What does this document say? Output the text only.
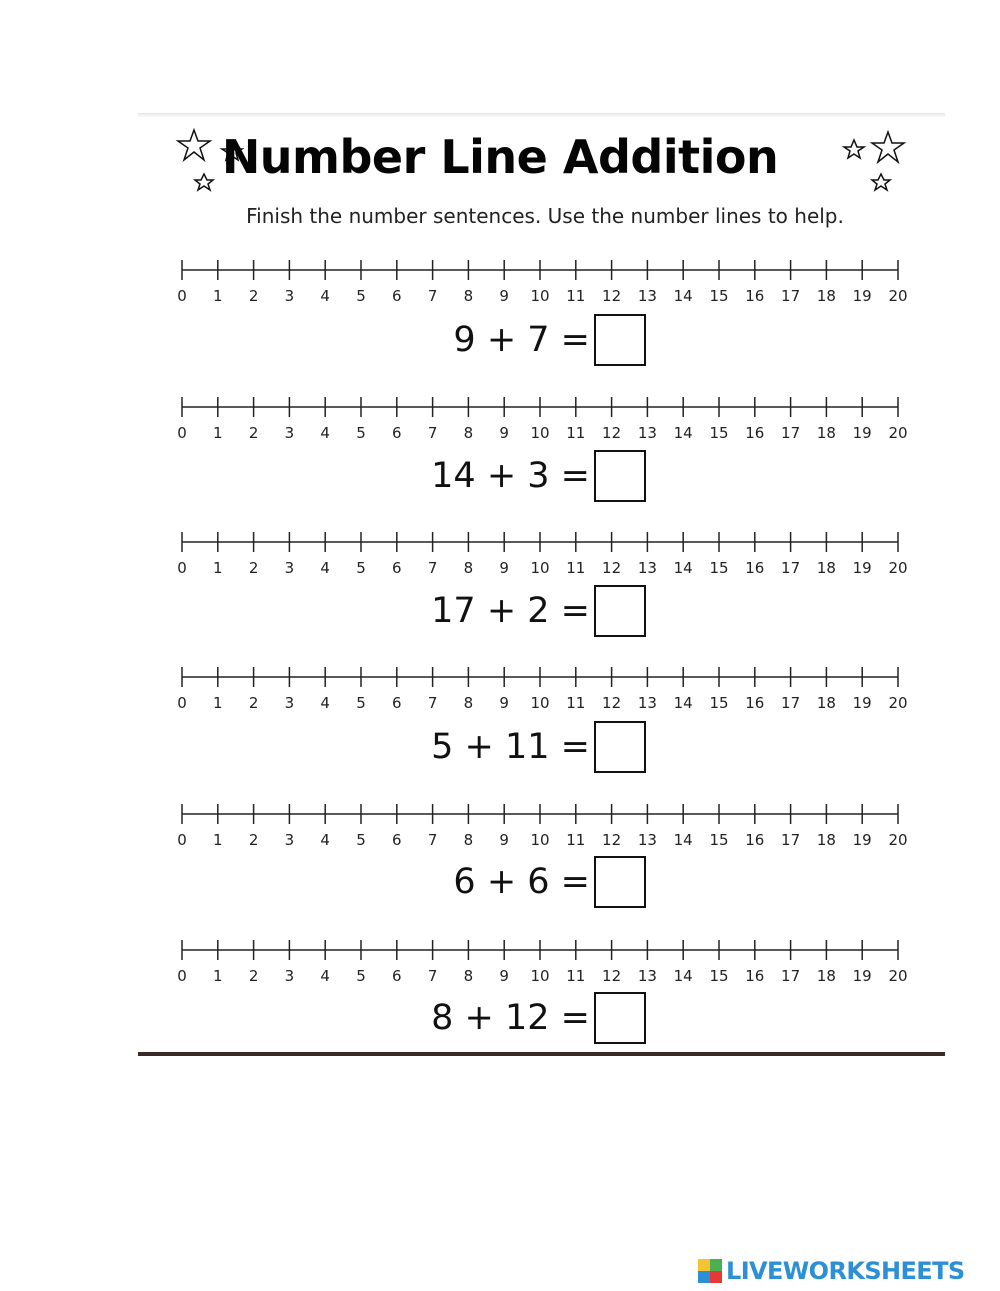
Number Line Addition
Finish the number sentences. Use the number lines to help.
0 1 2 3 4 5 6 7 8 9 10 11 12 13 14 15 16 17 18 19 20
9 + 7 =
0 1 2 3 4 5 6 7 8 9 10 11 12 13 14 15 16 17 18 19 20
14 + 3 =
0 1 2 3 4 5 6 7 8 9 10 11 12 13 14 15 16 17 18 19 20
17 + 2 =
0 1 2 3 4 5 6 7 8 9 10 11 12 13 14 15 16 17 18 19 20
5 + 11 =
0 1 2 3 4 5 6 7 8 9 10 11 12 13 14 15 16 17 18 19 20
6 + 6 =
0 1 2 3 4 5 6 7 8 9 10 11 12 13 14 15 16 17 18 19 20
8 + 12 =
LIVEWORKSHEETS
